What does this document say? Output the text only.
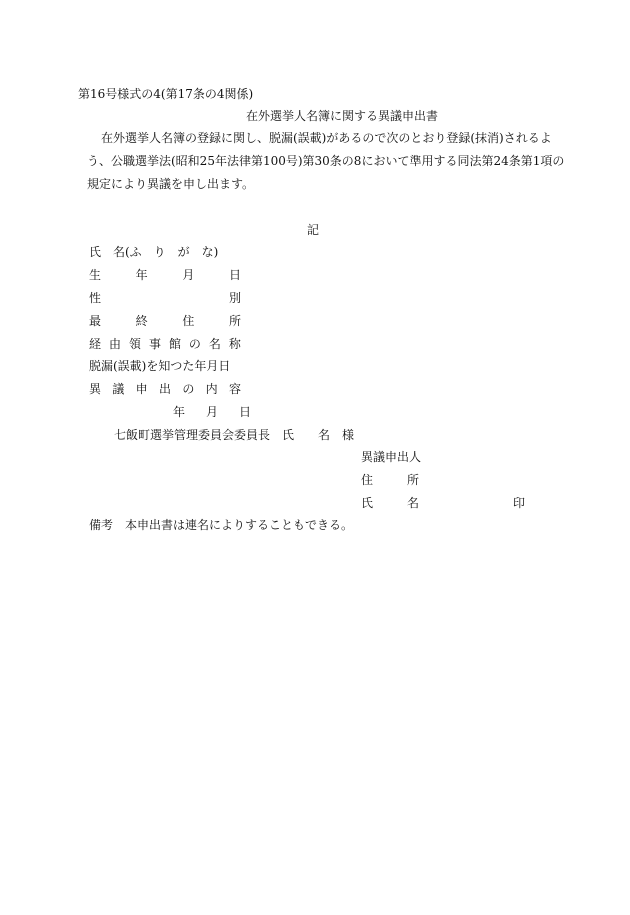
第16号様式の4(第17条の4関係)
在外選挙人名簿に関する異議申出書
在外選挙人名簿の登録に関し、脱漏(誤載)があるので次のとおり登録(抹消)されるよ
う、公職選挙法(昭和25年法律第100号)第30条の8において準用する同法第24条第1項の
規定により異議を申し出ます。
記
氏　名(ふ　り　が　な)
生	年	月	日
性	別
最	終	住	所
経 由 領 事 館 の 名 称
脱漏(誤載)を知つた年月日
異 議 申 出 の 内 容
年 月 日
七飯町選挙管理委員会委員長　氏　　名　様
異議申出人
住	所
氏	名	印
備考　本申出書は連名によりすることもできる。
